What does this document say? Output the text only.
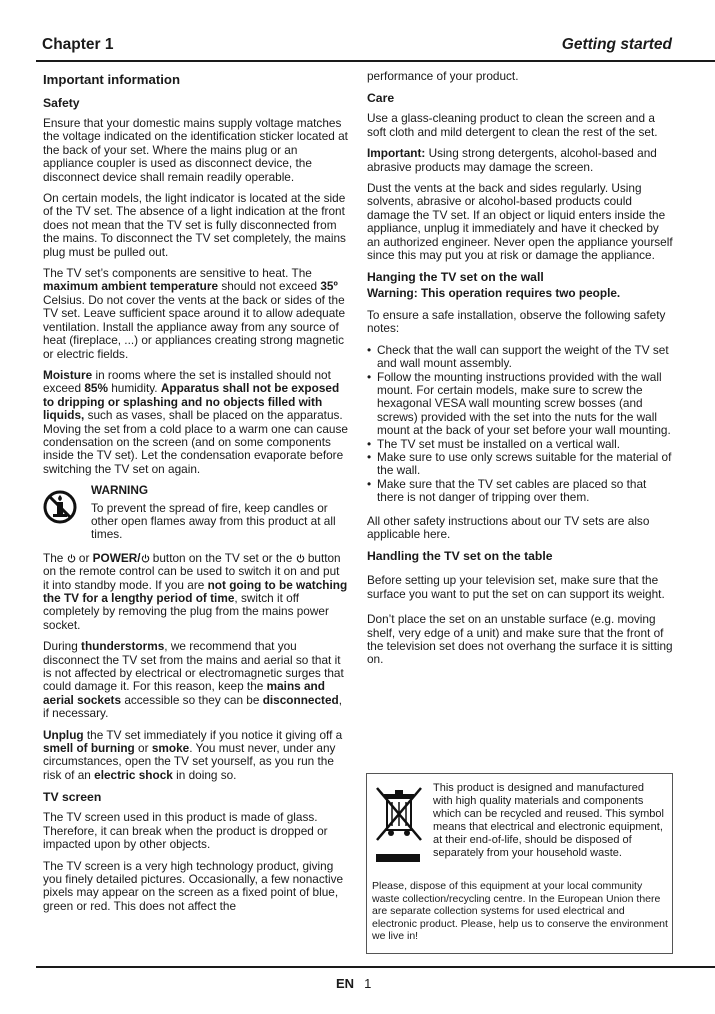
Chapter 1	Getting started
Important information
Safety

Ensure that your domestic mains supply voltage matches the voltage indicated on the identification sticker located at the back of your set. Where the mains plug or an appliance coupler is used as disconnect device, the disconnect device shall remain readily operable.

On certain models, the light indicator is located at the side of the TV set. The absence of a light indication at the front does not mean that the TV set is fully disconnected from the mains. To disconnect the TV set completely, the mains plug must be pulled out.

The TV set’s components are sensitive to heat. The maximum ambient temperature should not exceed 35º Celsius. Do not cover the vents at the back or sides of the TV set. Leave sufficient space around it to allow adequate ventilation. Install the appliance away from any source of heat (fireplace, ...) or appliances creating strong magnetic or electric fields.

Moisture in rooms where the set is installed should not exceed 85% humidity. Apparatus shall not be exposed to dripping or splashing and no objects filled with liquids, such as vases, shall be placed on the apparatus. Moving the set from a cold place to a warm one can cause condensation on the screen (and on some components inside the TV set). Let the condensation evaporate before switching the TV set on again.

WARNING
To prevent the spread of fire, keep candles or other open flames away from this product at all times.

The  or POWER/ button on the TV set or the  button on the remote control can be used to switch it on and put it into standby mode. If you are not going to be watching the TV for a lengthy period of time, switch it off completely by removing the plug from the mains power socket.

During thunderstorms, we recommend that you disconnect the TV set from the mains and aerial so that it is not affected by electrical or electromagnetic surges that could damage it. For this reason, keep the mains and aerial sockets accessible so they can be disconnected, if necessary.

Unplug the TV set immediately if you notice it giving off a smell of burning or smoke. You must never, under any circumstances, open the TV set yourself, as you run the risk of an electric shock in doing so.

TV screen

The TV screen used in this product is made of glass. Therefore, it can break when the product is dropped or impacted upon by other objects.

The TV screen is a very high technology product, giving you finely detailed pictures. Occasionally, a few nonactive pixels may appear on the screen as a fixed point of blue, green or red. This does not affect the

performance of your product.

Care

Use a glass-cleaning product to clean the screen and a soft cloth and mild detergent to clean the rest of the set.

Important: Using strong detergents, alcohol-based and abrasive products may damage the screen.

Dust the vents at the back and sides regularly. Using solvents, abrasive or alcohol-based products could damage the TV set. If an object or liquid enters inside the appliance, unplug it immediately and have it checked by an authorized engineer. Never open the appliance yourself since this may put you at risk or damage the appliance.

Hanging the TV set on the wall

Warning: This operation requires two people.

To ensure a safe installation, observe the following safety notes:

• Check that the wall can support the weight of the TV set and wall mount assembly.
• Follow the mounting instructions provided with the wall mount. For certain models, make sure to screw the hexagonal VESA wall mounting screw bosses (and screws) provided with the set into the nuts for the wall mount at the back of your set before your wall mounting.
• The TV set must be installed on a vertical wall.
• Make sure to use only screws suitable for the material of the wall.
• Make sure that the TV set cables are placed so that there is not danger of tripping over them.

All other safety instructions about our TV sets are also applicable here.

Handling the TV set on the table

Before setting up your television set, make sure that the surface you want to put the set on can support its weight.

Don’t place the set on an unstable surface (e.g. moving shelf, very edge of a unit) and make sure that the front of the television set does not overhang the surface it is sitting on.

This product is designed and manufactured with high quality materials and components which can be recycled and reused. This symbol means that electrical and electronic equipment, at their end-of-life, should be disposed of separately from your household waste.
Please, dispose of this equipment at your local community waste collection/recycling centre. In the European Union there are separate collection systems for used electrical and electronic product. Please, help us to conserve the environment we live in!
EN 1
